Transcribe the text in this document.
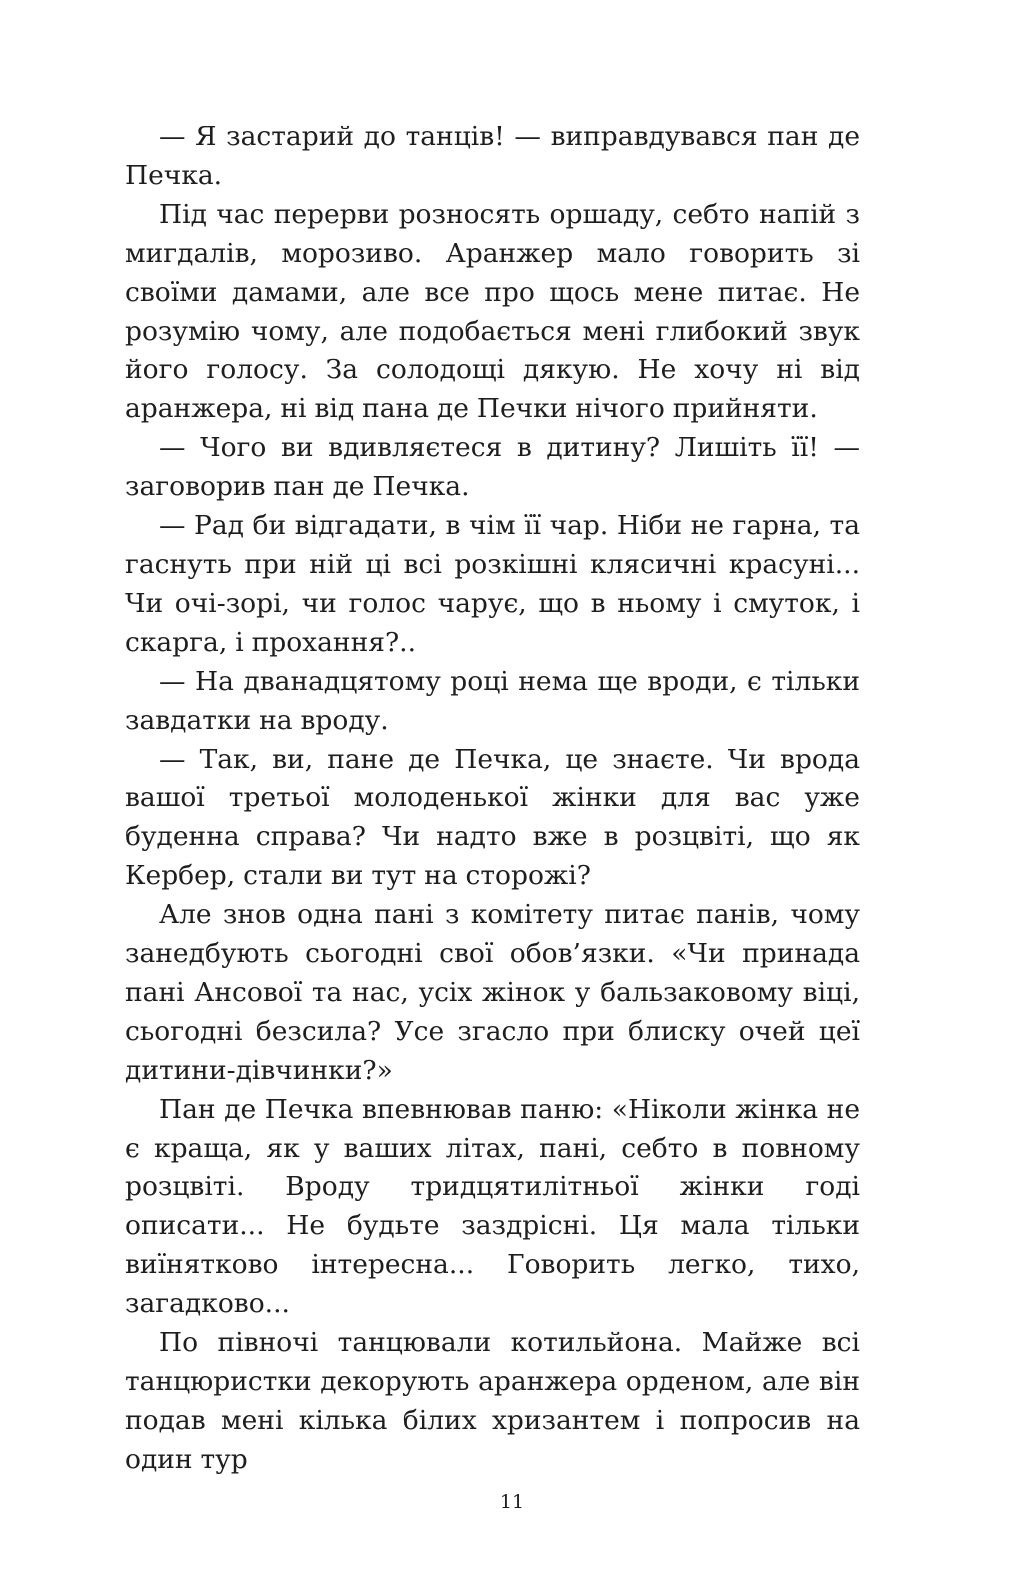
— Я застарий до танців! — виправдувався пан де Печка.

Під час перерви розносять оршаду, себто напій з мигдалів, морозиво. Аранжер мало говорить зі своїми дамами, але все про щось мене питає. Не розумію чому, але подобається мені глибокий звук його голосу. За солодощі дякую. Не хочу ні від аранжера, ні від пана де Печки нічого прийняти.

— Чого ви вдивляєтеся в дитину? Лишіть її! — заговорив пан де Печка.

— Рад би відгадати, в чім її чар. Ніби не гарна, та гаснуть при ній ці всі розкішні клясичні красуні... Чи очі-зорі, чи голос чарує, що в ньому і смуток, і скарга, і прохання?..

— На дванадцятому році нема ще вроди, є тільки завдатки на вроду.

— Так, ви, пане де Печка, це знаєте. Чи врода вашої третьої молоденької жінки для вас уже буденна справа? Чи надто вже в розцвіті, що як Кербер, стали ви тут на сторожі?

Але знов одна пані з комітету питає панів, чому занедбують сьогодні свої обов’язки. «Чи принада пані Ансової та нас, усіх жінок у бальзаковому віці, сьогодні безсила? Усе згасло при блиску очей цеї дитини-дівчинки?»

Пан де Печка впевнював паню: «Ніколи жінка не є краща, як у ваших літах, пані, себто в повному розцвіті. Вроду тридцятилітньої жінки годі описати... Не будьте заздрісні. Ця мала тільки виїнятково інтересна... Говорить легко, тихо, загадково...

По півночі танцювали котильйона. Майже всі танцюристки декорують аранжера орденом, але він подав мені кілька білих хризантем і попросив на один тур

11
